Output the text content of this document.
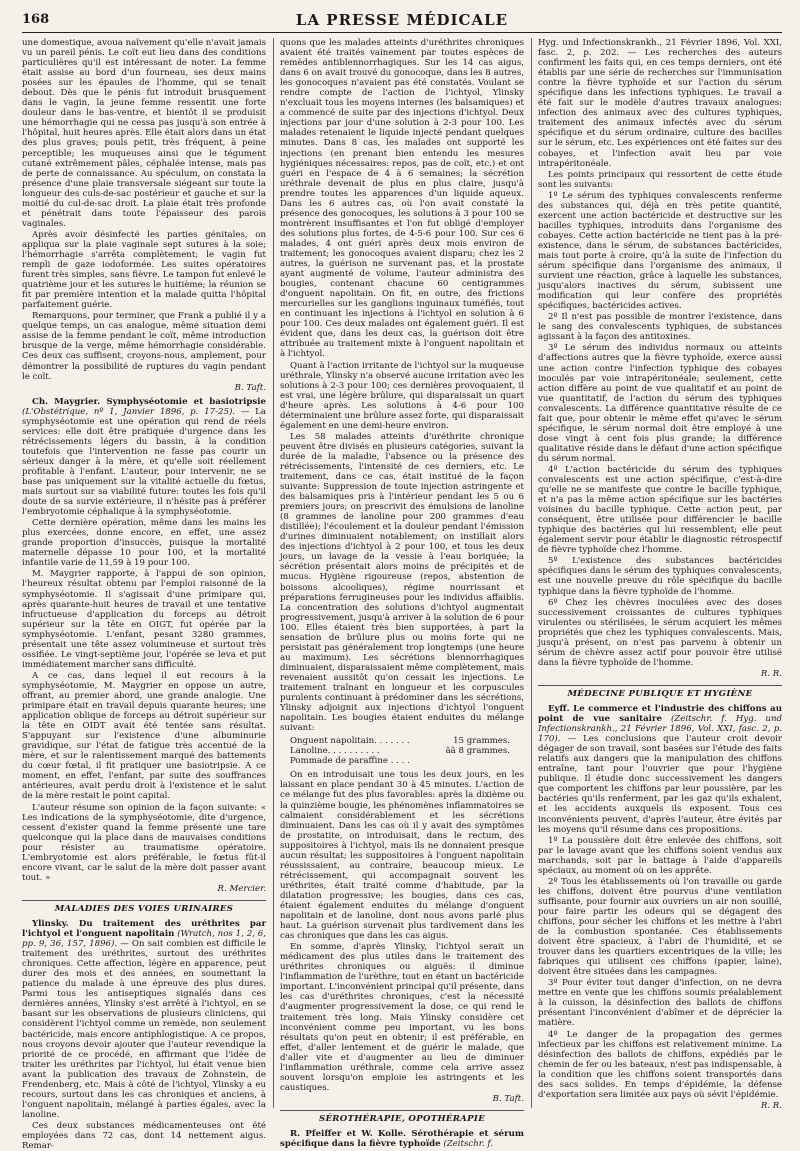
168	LA PRESSE MÉDICALE

une domestique, avoua naïvement qu'elle n'avait jamais vu un pareil pénis. Le coït eut lieu dans des conditions particulières qu'il est intéressant de noter. La femme était assise au bord d'un fourneau, ses deux mains posées sur les épaules de l'homme, qui se tenait debout. Dès que le pénis fut introduit brusquement dans le vagin, la jeune femme ressentit une forte douleur dans le bas-ventre, et bientôt il se produisit une hémorrhagie qui ne cessa pas jusqu'à son entrée à l'hôpital, huit heures après. Elle était alors dans un état des plus graves; pouls petit, très fréquent, à peine perceptible; les muqueuses ainsi que le tégument cutané extrêmement pâles, céphalée intense, mais pas de perte de connaissance. Au spéculum, on constata la présence d'une plaie transversale siégeant sur toute la longueur des culs-de-sac postérieur et gauche et sur la moitié du cul-de-sac droit. La plaie était très profonde et pénétrait dans toute l'épaisseur des parois vaginales.

Après avoir désinfecté les parties génitales, on appliqua sur la plaie vaginale sept sutures à la soie; l'hémorrhagie s'arrêta complètement; le vagin fut rempli de gaze iodoformée. Les suites opératoires furent très simples, sans fièvre. Le tampon fut enlevé le quatrième jour et les sutures le huitième; la réunion se fit par première intention et la malade quitta l'hôpital parfaitement guérie.

Remarquons, pour terminer, que Frank a publié il y a quelque temps, un cas analogue, même situation demi assise de la femme pendant le coït, même introduction brusque de la verge, même hémorrhagie considérable. Ces deux cas suffisent, croyons-nous, amplement, pour démontrer la possibilité de ruptures du vagin pendant le coït.

B. Taft.

Ch. Maygrier. Symphyséotomie et basiotripsie (L'Obstétrique, nº 1, Janvier 1896, p. 17-25). — La symphyséotomie est une opération qui rend de réels services: elle doit être pratiquée d'urgence dans les rétrécissements légers du bassin, à la condition toutefois que l'intervention ne fasse pas courir un sérieux danger à la mère, et qu'elle soit réellement profitable à l'enfant. L'auteur, pour intervenir, ne se base pas uniquement sur la vitalité actuelle du fœtus, mais surtout sur sa viabilité future: toutes les fois qu'il doute de sa survie extérieure, il n'hésite pas à préférer l'embryotomie céphalique à la symphyséotomie.

Cette dernière opération, même dans les mains les plus exercées, donne encore, en effet, une assez grande proportion d'insuccès, puisque la mortalité maternelle dépasse 10 pour 100, et la mortalité infantile varie de 11,59 à 19 pour 100.

M. Maygrier rapporte, à l'appui de son opinion, l'heureux résultat obtenu par l'emploi raisonné de la symphyséotomie. Il s'agissait d'une primipare qui, après quarante-huit heures de travail et une tentative infructueuse d'application du forceps au détroit supérieur sur la tête en OIGT, fut opérée par la symphyséotomie. L'enfant, pesant 3280 grammes, présentait une tête assez volumineuse et surtout très ossifiée. Le vingt-septième jour, l'opérée se leva et put immédiatement marcher sans difficulté.

A ce cas, dans lequel il eut recours à la symphyséotomie, M. Maygrier en oppose un autre, offrant, au premier abord, une grande analogie. Une primipare était en travail depuis quarante heures; une application oblique de forceps au détroit supérieur sur la tête en OIDT avait été tentée sans résultat. S'appuyant sur l'existence d'une albuminurie gravidique, sur l'état de fatigue très accentué de la mère, et sur le ralentissement marqué des battements du cœur fœtal, il fit pratiquer une basiotripsie. A ce moment, en effet, l'enfant, par suite des souffrances antérieures, avait perdu droit à l'existence et le salut de la mère restait le point capital.

L'auteur résume son opinion de la façon suivante: « Les indications de la symphyséotomie, dite d'urgence, cessent d'exister quand la femme présente une tare quelconque qui la place dans de mauvaises conditions pour résister au traumatisme opératoire. L'embryotomie est alors préférable, le fœtus fût-il encore vivant, car le salut de la mère doit passer avant tout. »

R. Mercier.

MALADIES DES VOIES URINAIRES

Ylinsky. Du traitement des uréthrites par l'ichtyol et l'onguent napolitain (Wratch, nos 1, 2, 6, pp. 9, 36, 157, 1896). — On sait combien est difficile le traitement des uréthrites, surtout des uréthrites chroniques. Cette affection, légère en apparence, peut durer des mois et des années, en soumettant la patience du malade à une épreuve des plus dures. Parmi tous les antiseptiques signalés dans ces dernières années, Ylinsky s'est arrêté à l'ichtyol, en se basant sur les observations de plusieurs cliniciens, qui considèrent l'ichtyol comme un remède, non seulement bactéricide, mais encore antiphlogistique. A ce propos, nous croyons devoir ajouter que l'auteur revendique la priorité de ce procédé, en affirmant que l'idée de traiter les uréthrites par l'ichtyol, lui était venue bien avant la publication des travaux de Zohnstein, de Frendenberg, etc. Mais à côté de l'ichtyol, Ylinsky a eu recours, surtout dans les cas chroniques et anciens, à l'onguent napolitain, mélangé à parties égales, avec la lanoline.

Ces deux substances médicamenteuses ont été employées dans 72 cas, dont 14 nettement aigus. Remar-

quons que les malades atteints d'uréthrites chroniques avaient été traités vainement par toutes espèces de remèdes antiblennorrhagiques. Sur les 14 cas aigus, dans 6 on avait trouvé du gonocoque, dans les 8 autres, les gonocoques n'avaient pas été constatés. Voulant se rendre compte de l'action de l'ichtyol, Ylinsky n'excluait tous les moyens internes (les balsamiques) et a commencé de suite par des injections d'ichtyol. Deux injections par jour d'une solution à 2-3 pour 100. Les malades retenaient le liquide injecté pendant quelques minutes. Dans 8 cas, les malades ont supporté les injections (en prenant bien entendu les mesures hygiéniques nécessaires: repos, pas de coït, etc.) et ont guéri en l'espace de 4 à 6 semaines; la sécrétion uréthrale devenait de plus en plus claire, jusqu'à prendre toutes les apparences d'un liquide aqueux. Dans les 6 autres cas, où l'on avait constaté la présence des gonocoques, les solutions à 3 pour 100 se montrèrent insuffisantes et l'on fut obligé d'employer des solutions plus fortes, de 4-5-6 pour 100. Sur ces 6 malades, 4 ont guéri après deux mois environ de traitement; les gonocoques avaient disparu; chez les 2 autres, la guérison ne survenant pas, et la prostate ayant augmenté de volume, l'auteur administra des bougies, contenant chacune 60 centigrammes d'onguent napolitain. On fit, en outre, des frictions mercurielles sur les ganglions inguinaux tuméfiés, tout en continuant les injections à l'ichtyol en solution à 6 pour 100. Ces deux malades ont également guéri. Il est évident que, dans les deux cas, la guérison doit être attribuée au traitement mixte à l'onguent napolitain et à l'ichtyol.

Quant à l'action irritante de l'ichtyol sur la muqueuse uréthrale, Ylinsky n'a observé aucune irritation avec les solutions à 2-3 pour 100; ces dernières provoquaient, il est vrai, une légère brûlure, qui disparaissait un quart d'heure après. Les solutions à 4-6 pour 100 déterminaient une brûlure assez forte, qui disparaissait également en une demi-heure environ.

Les 58 malades atteints d'uréthrite chronique peuvent être divisés en plusieurs catégories, suivant la durée de la maladie, l'absence ou la présence des rétrécissements, l'intensité de ces derniers, etc. Le traitement, dans ce cas, était institué de la façon suivante: Suppression de toute injection astringente et des balsamiques pris à l'intérieur pendant les 5 ou 6 premiers jours; on prescrivit des émulsions de lanoline (8 grammes de lanoline pour 200 grammes d'eau distillée); l'écoulement et la douleur pendant l'émission d'urines diminuaient notablement; on instillait alors des injections d'ichtyol à 2 pour 100, et tous les deux jours, un lavage de la vessie à l'eau boriquée; la sécrétion présentait alors moins de précipités et de mucus. Hygiène rigoureuse (repos, abstention de boissons alcooliques), régime nourrissant et préparations ferrugineuses pour les individus affaiblis. La concentration des solutions d'ichtyol augmentait progressivement, jusqu'à arriver à la solution de 6 pour 100. Elles étaient très bien supportées, à part la sensation de brûlure plus ou moins forte qui ne persistait pas généralement trop longtemps (une heure au maximum). Les sécrétions blennorrhagiques diminuaient, disparaissaient même complètement, mais revenaient aussitôt qu'on cessait les injections. Le traitement traînant en longueur et les corpuscules purulents continuant à prédominer dans les sécrétions, Ylinsky adjoignit aux injections d'ichtyol l'onguent napolitain. Les bougies étaient enduites du mélange suivant:

Onguent napolitain. . . . . . .	15 grammes.
Lanoline. . . . . . . . . .	ãã 8 grammes.
Pommade de paraffine . . . .

On en introduisait une tous les deux jours, en les laissant en place pendant 30 à 45 minutes. L'action de ce mélange fut des plus favorables: après la dixième ou la quinzième bougie, les phénomènes inflammatoires se calmaient considérablement et les sécrétions diminuaient. Dans les cas où il y avait des symptômes de prostatite, on introduisait, dans le rectum, des suppositoires à l'ichtyol, mais ils ne donnaient presque aucun résultat; les suppositoires à l'onguent napolitain réussissaient, au contraire, beaucoup mieux. Le rétrécissement, qui accompagnait souvent les uréthrites, était traité comme d'habitude, par la dilatation progressive; les bougies, dans ces cas, étaient également enduites du mélange d'onguent napolitain et de lanoline, dont nous avons parlé plus haut. La guérison survenait plus tardivement dans les cas chroniques que dans les cas aigus.

En somme, d'après Ylinsky, l'ichtyol serait un médicament des plus utiles dans le traitement des uréthrites chroniques ou aiguës: il diminue l'inflammation de l'urèthre, tout en étant un bactéricide important. L'inconvénient principal qu'il présente, dans les cas d'uréthrites chroniques, c'est la nécessité d'augmenter progressivement la dose, ce qui rend le traitement très long. Mais Ylinsky considère cet inconvénient comme peu important, vu les bons résultats qu'on peut en obtenir; il est préférable, en effet, d'aller lentement et de guérir le malade, que d'aller vite et d'augmenter au lieu de diminuer l'inflammation uréthrale, comme cela arrive assez souvent lorsqu'on emploie les astringents et les caustiques.

B. Taft.

SÉROTHÉRAPIE, OPOTHÉRAPIE

R. Pfeiffer et W. Kolle. Sérothérapie et sérum spécifique dans la fièvre typhoïde (Zeitschr. f.

Hyg. und Infectionskrankh., 21 Février 1896, Vol. XXI, fasc. 2, p. 202. — Les recherches des auteurs confirment les faits qui, en ces temps derniers, ont été établis par une série de recherches sur l'immunisation contre la fièvre typhoïde et sur l'action du sérum spécifique dans les infections typhiques. Le travail a été fait sur le modèle d'autres travaux analogues: infection des animaux avec des cultures typhiques, traitement des animaux infectés avec du sérum spécifique et du sérum ordinaire, culture des bacilles sur le sérum, etc. Les expériences ont été faites sur des cobayes, et l'infection avait lieu par voie intrapéritonéale.

Les points principaux qui ressortent de cette étude sont les suivants:

1º Le sérum des typhiques convalescents renferme des substances qui, déjà en très petite quantité, exercent une action bactéricide et destructive sur les bacilles typhiques, introduits dans l'organisme des cobayes. Cette action bactéricide ne tient pas à la pré-existence, dans le sérum, de substances bactéricides, mais tout porte à croire, qu'à la suite de l'infection du sérum spécifique dans l'organisme des animaux, il survient une réaction, grâce à laquelle les substances, jusqu'alors inactives du sérum, subissent une modification qui leur confère des propriétés spécifiques, bactéricides actives.

2º Il n'est pas possible de montrer l'existence, dans le sang des convalescents typhiques, de substances agissant à la façon des antitoxines.

3º Le sérum des individus normaux ou atteints d'affections autres que la fièvre typhoïde, exerce aussi une action contre l'infection typhique des cobayes inoculés par voie intrapéritonéale; seulement, cette action diffère au point de vue qualitatif et au point de vue quantitatif, de l'action du sérum des typhiques convalescents. La différence quantitative résulte de ce fait que, pour obtenir le même effet qu'avec le sérum spécifique, le sérum normal doit être employé à une dose vingt à cent fois plus grande; la différence qualitative réside dans le défaut d'une action spécifique du sérum normal.

4º L'action bactéricide du sérum des typhiques convalescents est une action spécifique, c'est-à-dire qu'elle ne se manifeste que contre le bacille typhique, et n'a pas la même action spécifique sur les bactéries voisines du bacille typhique. Cette action peut, par conséquent, être utilisée pour différencier le bacille typhique des bactéries qui lui ressemblent; elle peut également servir pour établir le diagnostic rétrospectif de fièvre typhoïde chez l'homme.

5º L'existence des substances bactéricides spécifiques dans le sérum des typhiques convalescents, est une nouvelle preuve du rôle spécifique du bacille typhique dans la fièvre typhoïde de l'homme.

6º Chez les chèvres inoculées avec des doses successivement croissantes de cultures typhiques virulentes ou stérilisées, le sérum acquiert les mêmes propriétés que chez les typhiques convalescents. Mais, jusqu'à présent, on n'est pas parvenu à obtenir un sérum de chèvre assez actif pour pouvoir être utilisé dans la fièvre typhoïde de l'homme.

R. R.

MÉDECINE PUBLIQUE ET HYGIÈNE

Eyff. Le commerce et l'industrie des chiffons au point de vue sanitaire (Zeitschr. f. Hyg. und Infectionskrankh., 21 Février 1896, Vol. XXI, fasc. 2, p. 170). — Les conclusions que l'auteur croit devoir dégager de son travail, sont basées sur l'étude des faits relatifs aux dangers que la manipulation des chiffons entraîne, tant pour l'ouvrier que pour l'hygiène publique. Il étudie donc successivement les dangers que comportent les chiffons par leur poussière, par les bactéries qu'ils renferment, par les gaz qu'ils exhalent, et les accidents auxquels ils exposent. Tous ces inconvénients peuvent, d'après l'auteur, être évités par les moyens qu'il résume dans ces propositions.

1º La poussière doit être enlevée des chiffons, soit par le lavage avant que les chiffons soient vendus aux marchands, soit par le battage à l'aide d'appareils spéciaux, au moment où on les apprête.

2º Tous les établissements où l'on travaille ou garde les chiffons, doivent être pourvus d'une ventilation suffisante, pour fournir aux ouvriers un air non souillé, pour faire partir les odeurs qui se dégagent des chiffons, pour sécher les chiffons et les mettre à l'abri de la combustion spontanée. Ces établissements doivent être spacieux, à l'abri de l'humidité, et se trouver dans les quartiers excentriques de la ville; les fabriques qui utilisent ces chiffons (papier, laine), doivent être situées dans les campagnes.

3º Pour éviter tout danger d'infection, on ne devra mettre en vente que les chiffons soumis préalablement à la cuisson, la désinfection des ballots de chiffons présentant l'inconvénient d'abîmer et de déprécier la matière.

4º Le danger de la propagation des germes infectieux par les chiffons est relativement minime. La désinfection des ballots de chiffons, expédiés par le chemin de fer ou les bateaux, n'est pas indispensable, à la condition que les chiffons soient transportés dans des sacs solides. En temps d'épidémie, la défense d'exportation sera limitée aux pays où sévit l'épidémie.

R. R.
